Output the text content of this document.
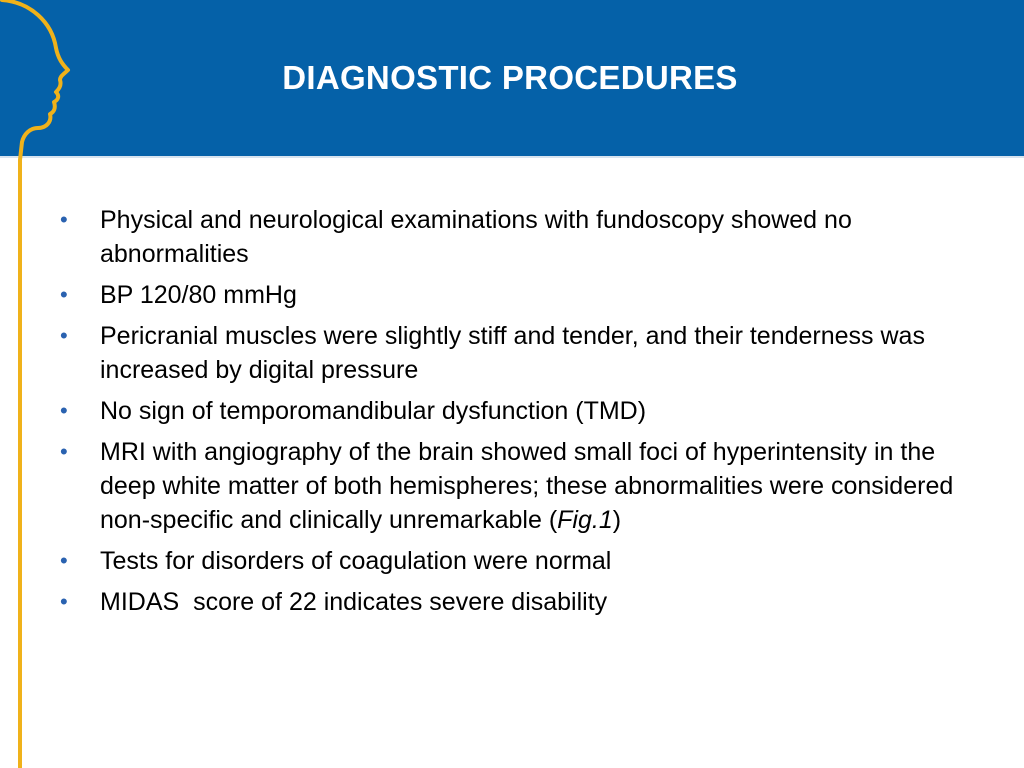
DIAGNOSTIC PROCEDURES
•	Physical and neurological examinations with fundoscopy showed no abnormalities
•	BP 120/80 mmHg
•	Pericranial muscles were slightly stiff and tender, and their tenderness was increased by digital pressure
•	No sign of temporomandibular dysfunction (TMD)
•	MRI with angiography of the brain showed small foci of hyperintensity in the deep white matter of both hemispheres; these abnormalities were considered non-specific and clinically unremarkable (Fig.1)
•	Tests for disorders of coagulation were normal
•	MIDAS  score of 22 indicates severe disability
